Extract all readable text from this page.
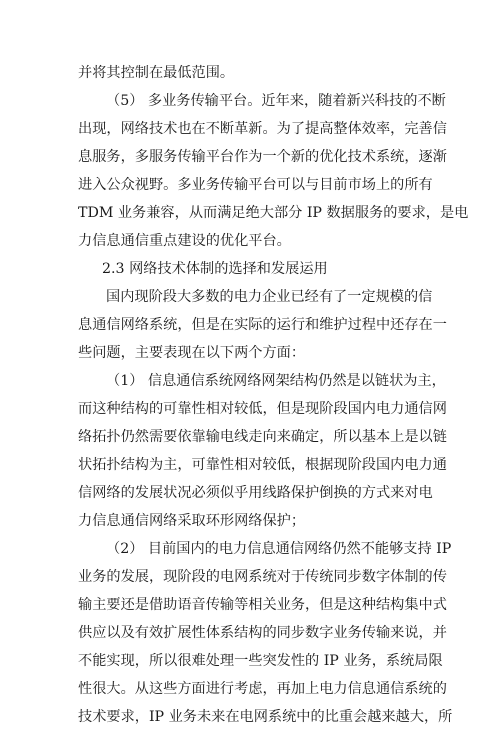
并将其控制在最低范围。
（5） 多业务传输平台。近年来，随着新兴科技的不断
出现，网络技术也在不断革新。为了提高整体效率，完善信
息服务，多服务传输平台作为一个新的优化技术系统，逐渐
进入公众视野。多业务传输平台可以与目前市场上的所有
TDM 业务兼容，从而满足绝大部分 IP 数据服务的要求，是电
力信息通信重点建设的优化平台。
2.3 网络技术体制的选择和发展运用
国内现阶段大多数的电力企业已经有了一定规模的信
息通信网络系统，但是在实际的运行和维护过程中还存在一
些问题，主要表现在以下两个方面：
（1） 信息通信系统网络网架结构仍然是以链状为主，
而这种结构的可靠性相对较低，但是现阶段国内电力通信网
络拓扑仍然需要依靠输电线走向来确定，所以基本上是以链
状拓扑结构为主，可靠性相对较低，根据现阶段国内电力通
信网络的发展状况必须似乎用线路保护倒换的方式来对电
力信息通信网络采取环形网络保护；
（2） 目前国内的电力信息通信网络仍然不能够支持 IP
业务的发展，现阶段的电网系统对于传统同步数字体制的传
输主要还是借助语音传输等相关业务，但是这种结构集中式
供应以及有效扩展性体系结构的同步数字业务传输来说，并
不能实现，所以很难处理一些突发性的 IP 业务，系统局限
性很大。从这些方面进行考虑，再加上电力信息通信系统的
技术要求，IP 业务未来在电网系统中的比重会越来越大，所
